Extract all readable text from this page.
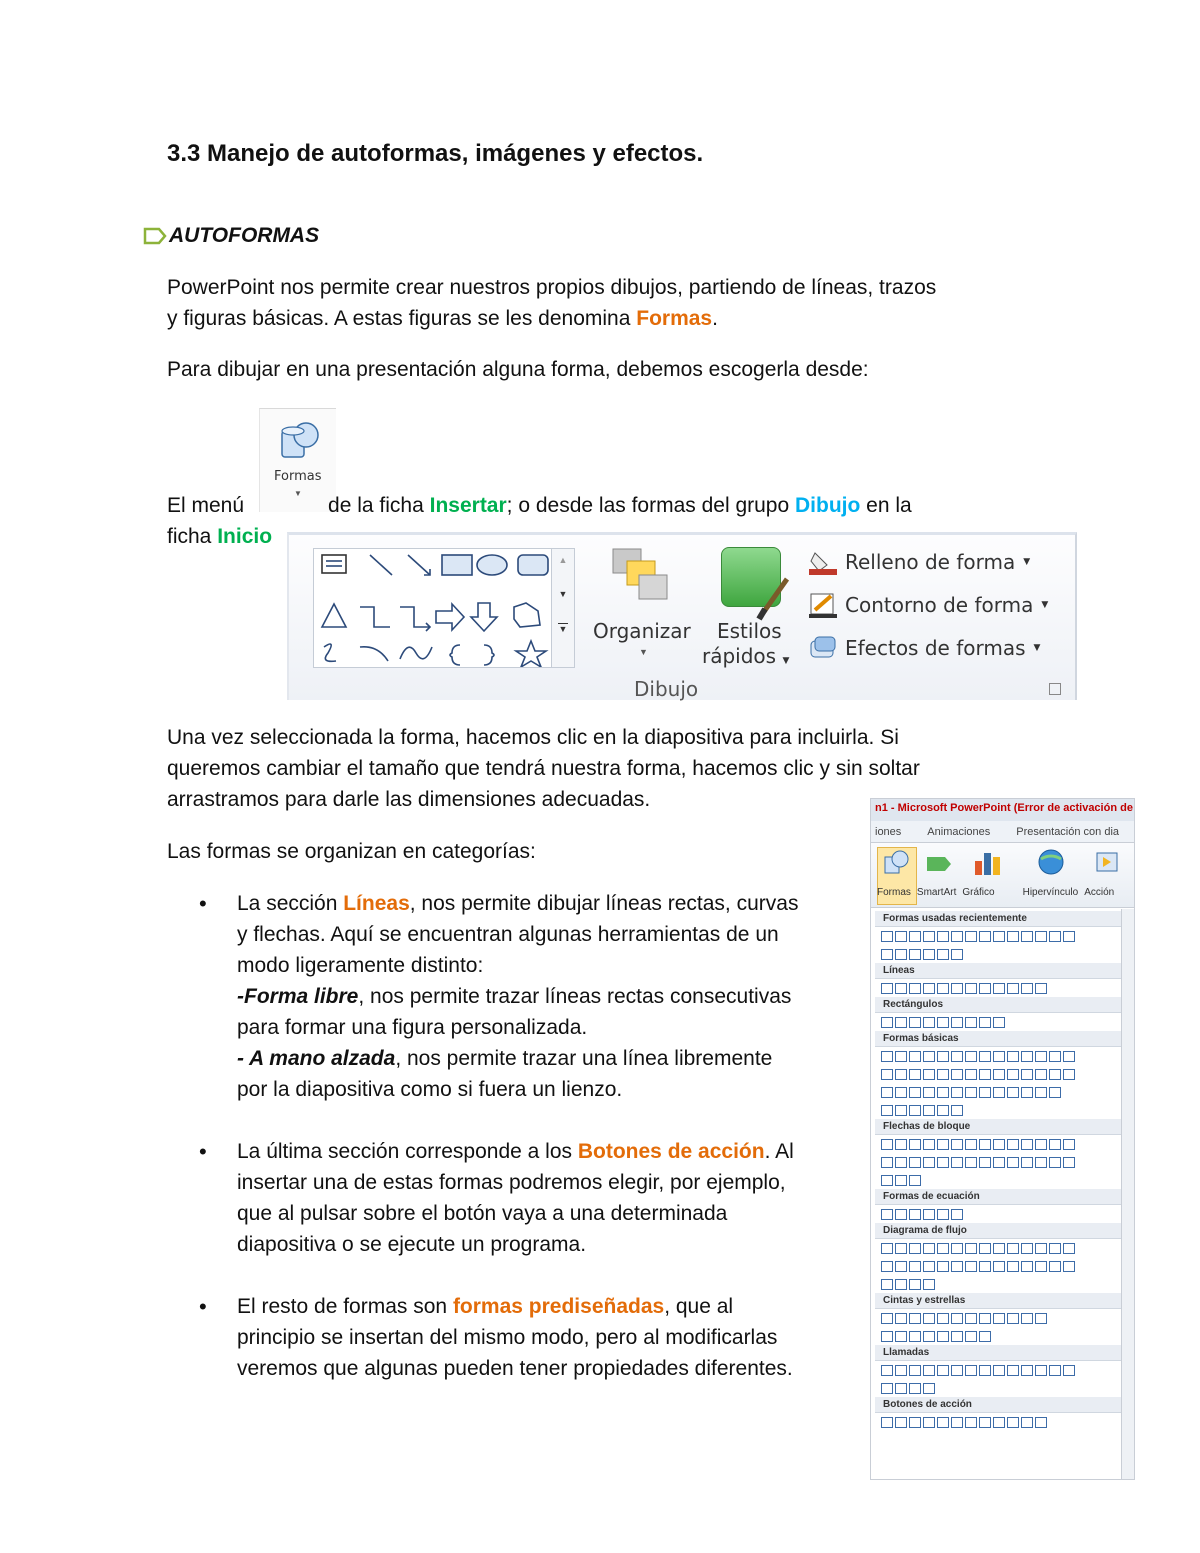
3.3 Manejo de autoformas, imágenes y efectos.
AUTOFORMAS
PowerPoint nos permite crear nuestros propios dibujos, partiendo de líneas, trazos
y figuras básicas. A estas figuras se les denomina Formas.
Para dibujar en una presentación alguna forma, debemos escogerla desde:
Formas
▼
El menú	de la ficha Insertar; o desde las formas del grupo Dibujo en la
ficha Inicio
▲
▼
▼ Organizar
▼
Estilos
rápidos ▼
Relleno de forma ▼
Contorno de forma ▼
Efectos de formas ▼
Dibujo
Una vez seleccionada la forma, hacemos clic en la diapositiva para incluirla. Si
queremos cambiar el tamaño que tendrá nuestra forma, hacemos clic y sin soltar
arrastramos para darle las dimensiones adecuadas.
Las formas se organizan en categorías:
• La sección Líneas, nos permite dibujar líneas rectas, curvas
y flechas. Aquí se encuentran algunas herramientas de un
modo ligeramente distinto:
-Forma libre, nos permite trazar líneas rectas consecutivas
para formar una figura personalizada.
- A mano alzada, nos permite trazar una línea libremente
por la diapositiva como si fuera un lienzo.
• La última sección corresponde a los Botones de acción. Al
insertar una de estas formas podremos elegir, por ejemplo,
que al pulsar sobre el botón vaya a una determinada
diapositiva o se ejecute un programa.
• El resto de formas son formas prediseñadas, que al
principio se insertan del mismo modo, pero al modificarlas
veremos que algunas pueden tener propiedades diferentes.
n1 - Microsoft PowerPoint (Error de activación de
iones Animaciones Presentación con dia
Formas SmartArt Gráfico	Hipervínculo Acción
Formas usadas recientemente
Líneas
Rectángulos
Formas básicas
Flechas de bloque
Formas de ecuación
Diagrama de flujo
Cintas y estrellas
Llamadas
Botones de acción
